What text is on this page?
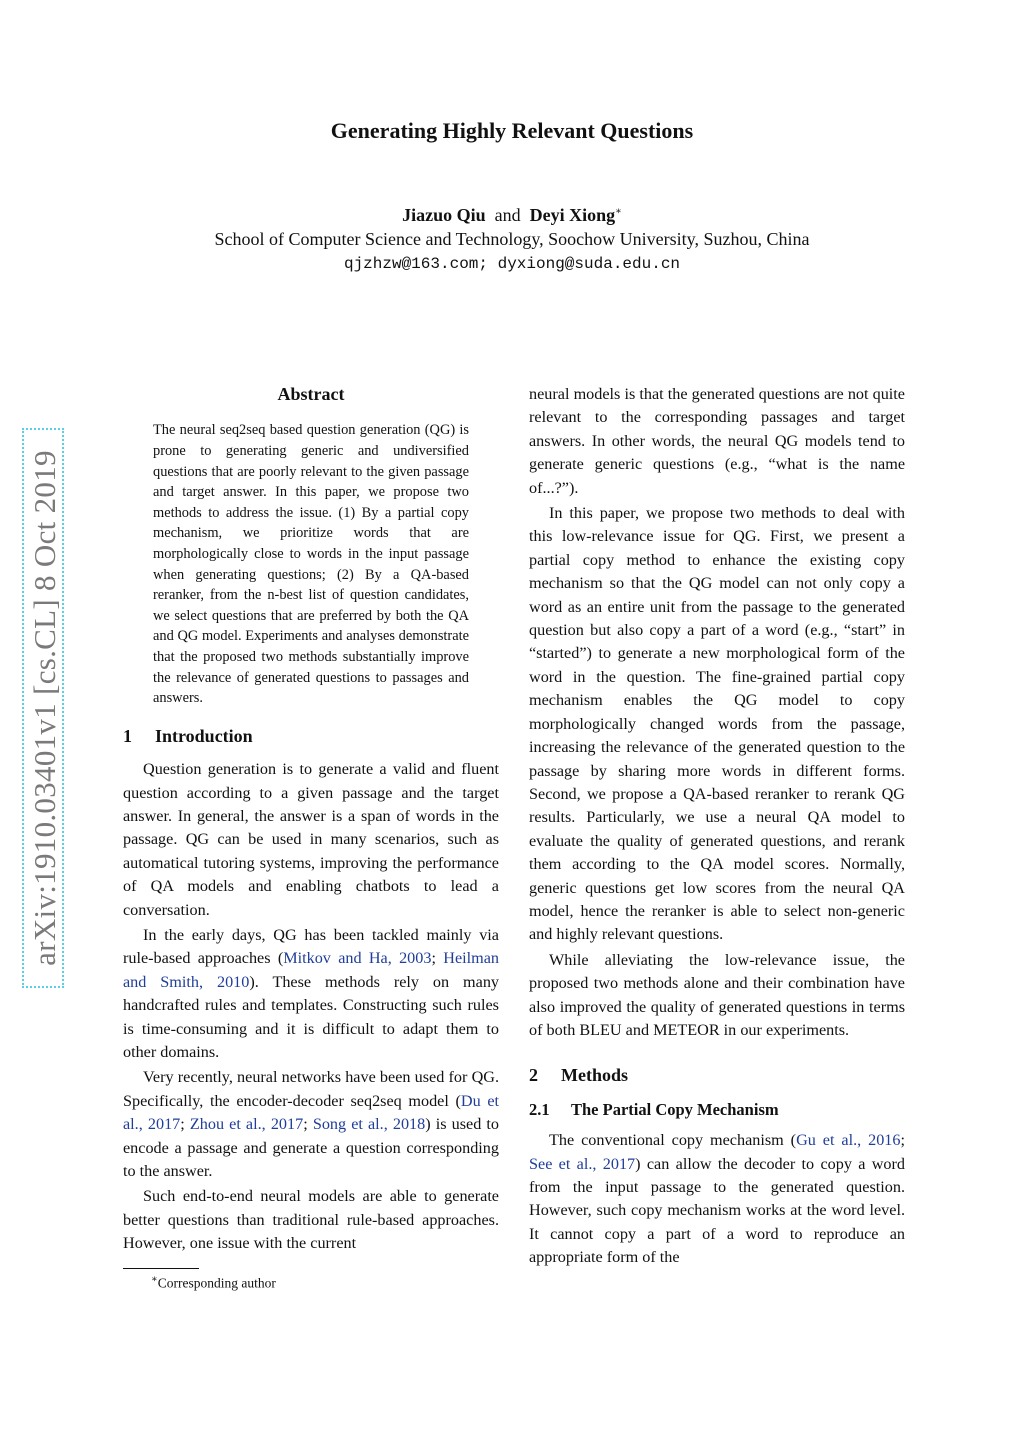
Generating Highly Relevant Questions
Jiazuo Qiu and Deyi Xiong∗
School of Computer Science and Technology, Soochow University, Suzhou, China
qjzhzw@163.com; dyxiong@suda.edu.cn
arXiv:1910.03401v1 [cs.CL] 8 Oct 2019
Abstract

The neural seq2seq based question generation (QG) is prone to generating generic and undiversified questions that are poorly relevant to the given passage and target answer. In this paper, we propose two methods to address the issue. (1) By a partial copy mechanism, we prioritize words that are morphologically close to words in the input passage when generating questions; (2) By a QA-based reranker, from the n-best list of question candidates, we select questions that are preferred by both the QA and QG model. Experiments and analyses demonstrate that the proposed two methods substantially improve the relevance of generated questions to passages and answers.

1 Introduction

Question generation is to generate a valid and fluent question according to a given passage and the target answer. In general, the answer is a span of words in the passage. QG can be used in many scenarios, such as automatical tutoring systems, improving the performance of QA models and enabling chatbots to lead a conversation.

In the early days, QG has been tackled mainly via rule-based approaches (Mitkov and Ha, 2003; Heilman and Smith, 2010). These methods rely on many handcrafted rules and templates. Constructing such rules is time-consuming and it is difficult to adapt them to other domains.

Very recently, neural networks have been used for QG. Specifically, the encoder-decoder seq2seq model (Du et al., 2017; Zhou et al., 2017; Song et al., 2018) is used to encode a passage and generate a question corresponding to the answer.

Such end-to-end neural models are able to generate better questions than traditional rule-based approaches. However, one issue with the current

∗Corresponding author

neural models is that the generated questions are not quite relevant to the corresponding passages and target answers. In other words, the neural QG models tend to generate generic questions (e.g., “what is the name of...?”).

In this paper, we propose two methods to deal with this low-relevance issue for QG. First, we present a partial copy method to enhance the existing copy mechanism so that the QG model can not only copy a word as an entire unit from the passage to the generated question but also copy a part of a word (e.g., “start” in “started”) to generate a new morphological form of the word in the question. The fine-grained partial copy mechanism enables the QG model to copy morphologically changed words from the passage, increasing the relevance of the generated question to the passage by sharing more words in different forms. Second, we propose a QA-based reranker to rerank QG results. Particularly, we use a neural QA model to evaluate the quality of generated questions, and rerank them according to the QA model scores. Normally, generic questions get low scores from the neural QA model, hence the reranker is able to select non-generic and highly relevant questions.

While alleviating the low-relevance issue, the proposed two methods alone and their combination have also improved the quality of generated questions in terms of both BLEU and METEOR in our experiments.

2 Methods
2.1 The Partial Copy Mechanism

The conventional copy mechanism (Gu et al., 2016; See et al., 2017) can allow the decoder to copy a word from the input passage to the generated question. However, such copy mechanism works at the word level. It cannot copy a part of a word to reproduce an appropriate form of the
